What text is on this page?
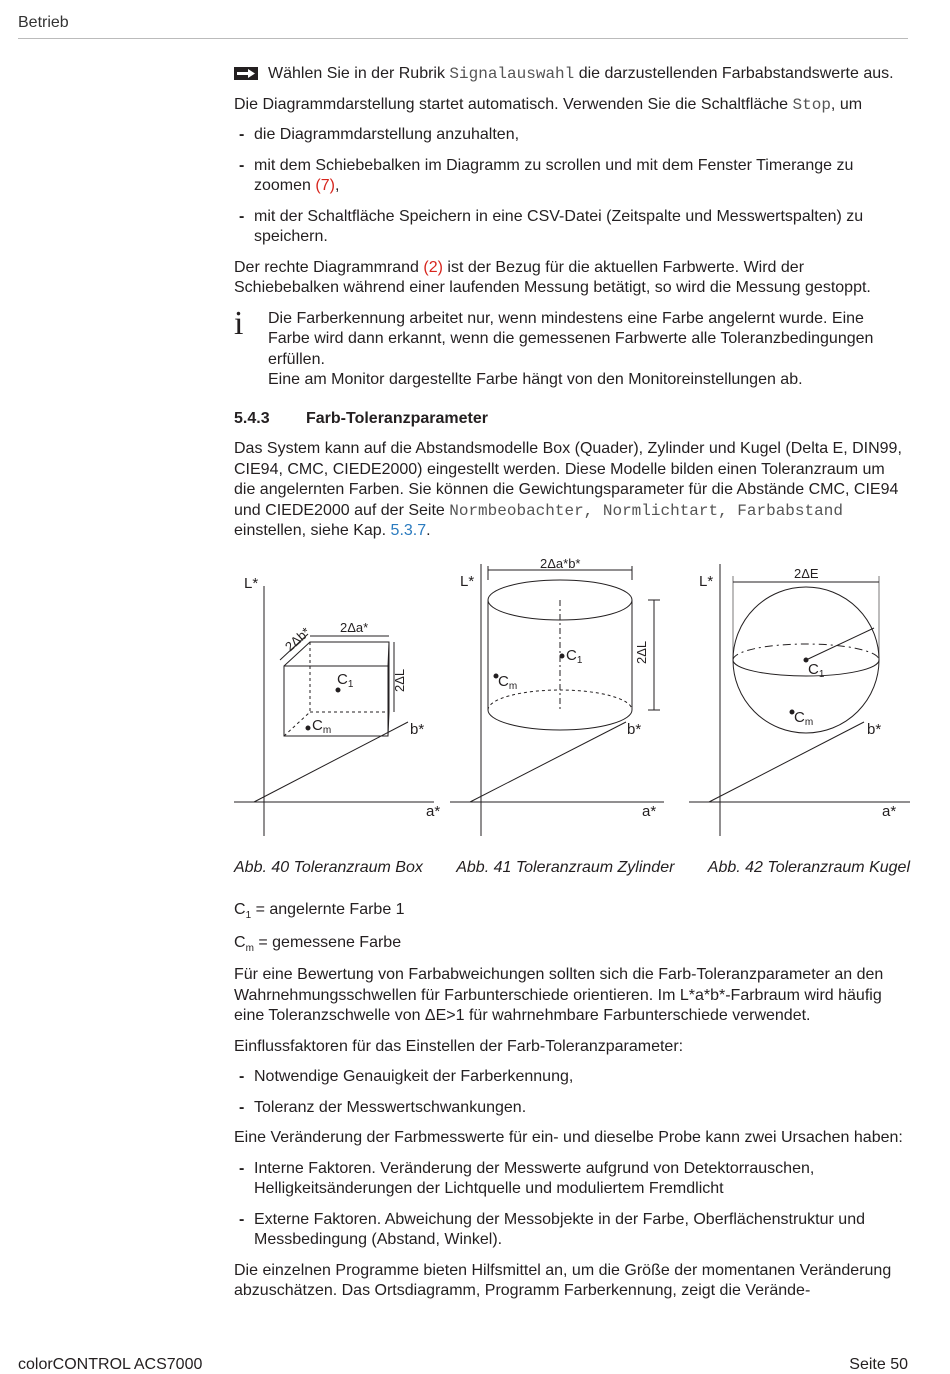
Betrieb
Wählen Sie in der Rubrik Signalauswahl die darzustellenden Farbabstandswerte aus.

Die Diagrammdarstellung startet automatisch. Verwenden Sie die Schaltfläche Stop, um

- die Diagrammdarstellung anzuhalten,
- mit dem Schiebebalken im Diagramm zu scrollen und mit dem Fenster Timerange zu zoomen (7),
- mit der Schaltfläche Speichern in eine CSV-Datei (Zeitspalte und Messwertspalten) zu speichern.

Der rechte Diagrammrand (2) ist der Bezug für die aktuellen Farbwerte. Wird der Schiebebalken während einer laufenden Messung betätigt, so wird die Messung gestoppt.

i Die Farberkennung arbeitet nur, wenn mindestens eine Farbe angelernt wurde. Eine Farbe wird dann erkannt, wenn die gemessenen Farbwerte alle Toleranzbedingungen erfüllen.
Eine am Monitor dargestellte Farbe hängt von den Monitoreinstellungen ab.
5.4.3	Farb-Toleranzparameter

Das System kann auf die Abstandsmodelle Box (Quader), Zylinder und Kugel (Delta E, DIN99, CIE94, CMC, CIEDE2000) eingestellt werden. Diese Modelle bilden einen Toleranzraum um die angelernten Farben. Sie können die Gewichtungsparameter für die Abstände CMC, CIE94 und CIEDE2000 auf der Seite Normbeobachter, Normlichtart, Farbabstand einstellen, siehe Kap. 5.3.7.

L*
a*
b*
2Δa*
2Δb*
2ΔL
$C_1$
$C_m$
L*
a*
b*
2Δa*b*
2ΔL
$C_1$
$C_m$
L*
a*
b*
2ΔE
$C_1$
$C_m$
Abb. 40 Toleranzraum Box Abb. 41 Toleranzraum Zylinder Abb. 42 Toleranzraum Kugel

$C_1$ = angelernte Farbe 1

$C_m$ = gemessene Farbe

Für eine Bewertung von Farbabweichungen sollten sich die Farb-Toleranzparameter an den Wahrnehmungsschwellen für Farbunterschiede orientieren. Im L*a*b*-Farbraum wird häufig eine Toleranzschwelle von ΔE>1 für wahrnehmbare Farbunterschiede verwendet.

Einflussfaktoren für das Einstellen der Farb-Toleranzparameter:

- Notwendige Genauigkeit der Farberkennung,
- Toleranz der Messwertschwankungen.

Eine Veränderung der Farbmesswerte für ein- und dieselbe Probe kann zwei Ursachen haben:

- Interne Faktoren. Veränderung der Messwerte aufgrund von Detektorrauschen, Helligkeitsänderungen der Lichtquelle und moduliertem Fremdlicht
- Externe Faktoren. Abweichung der Messobjekte in der Farbe, Oberflächenstruktur und Messbedingung (Abstand, Winkel).

Die einzelnen Programme bieten Hilfsmittel an, um die Größe der momentanen Veränderung abzuschätzen. Das Ortsdiagramm, Programm Farberkennung, zeigt die Verände-

colorCONTROL ACS7000	Seite 50
